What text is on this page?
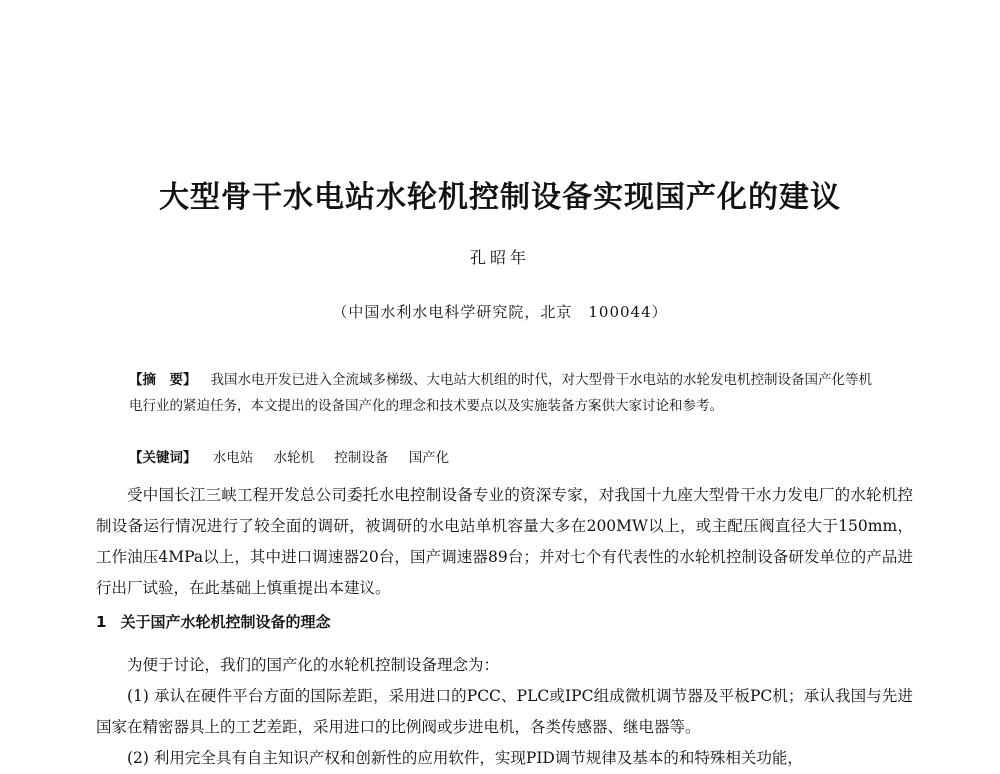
大型骨干水电站水轮机控制设备实现国产化的建议
孔昭年
（中国水利水电科学研究院，北京　100044）
【摘　要】 我国水电开发已进入全流域多梯级、大电站大机组的时代，对大型骨干水电站的水轮发电机控制设备国产化等机电行业的紧迫任务，本文提出的设备国产化的理念和技术要点以及实施装备方案供大家讨论和参考。
【关键词】 水电站 水轮机 控制设备 国产化
受中国长江三峡工程开发总公司委托水电控制设备专业的资深专家，对我国十九座大型骨干水力发电厂的水轮机控制设备运行情况进行了较全面的调研，被调研的水电站单机容量大多在200MW以上，或主配压阀直径大于150mm，工作油压4MPa以上，其中进口调速器20台，国产调速器89台；并对七个有代表性的水轮机控制设备研发单位的产品进行出厂试验，在此基础上慎重提出本建议。
1 关于国产水轮机控制设备的理念
为便于讨论，我们的国产化的水轮机控制设备理念为：
(1) 承认在硬件平台方面的国际差距，采用进口的PCC、PLC或IPC组成微机调节器及平板PC机；承认我国与先进国家在精密器具上的工艺差距，采用进口的比例阀或步进电机，各类传感器、继电器等。
(2) 利用完全具有自主知识产权和创新性的应用软件，实现PID调节规律及基本的和特殊相关功能，
